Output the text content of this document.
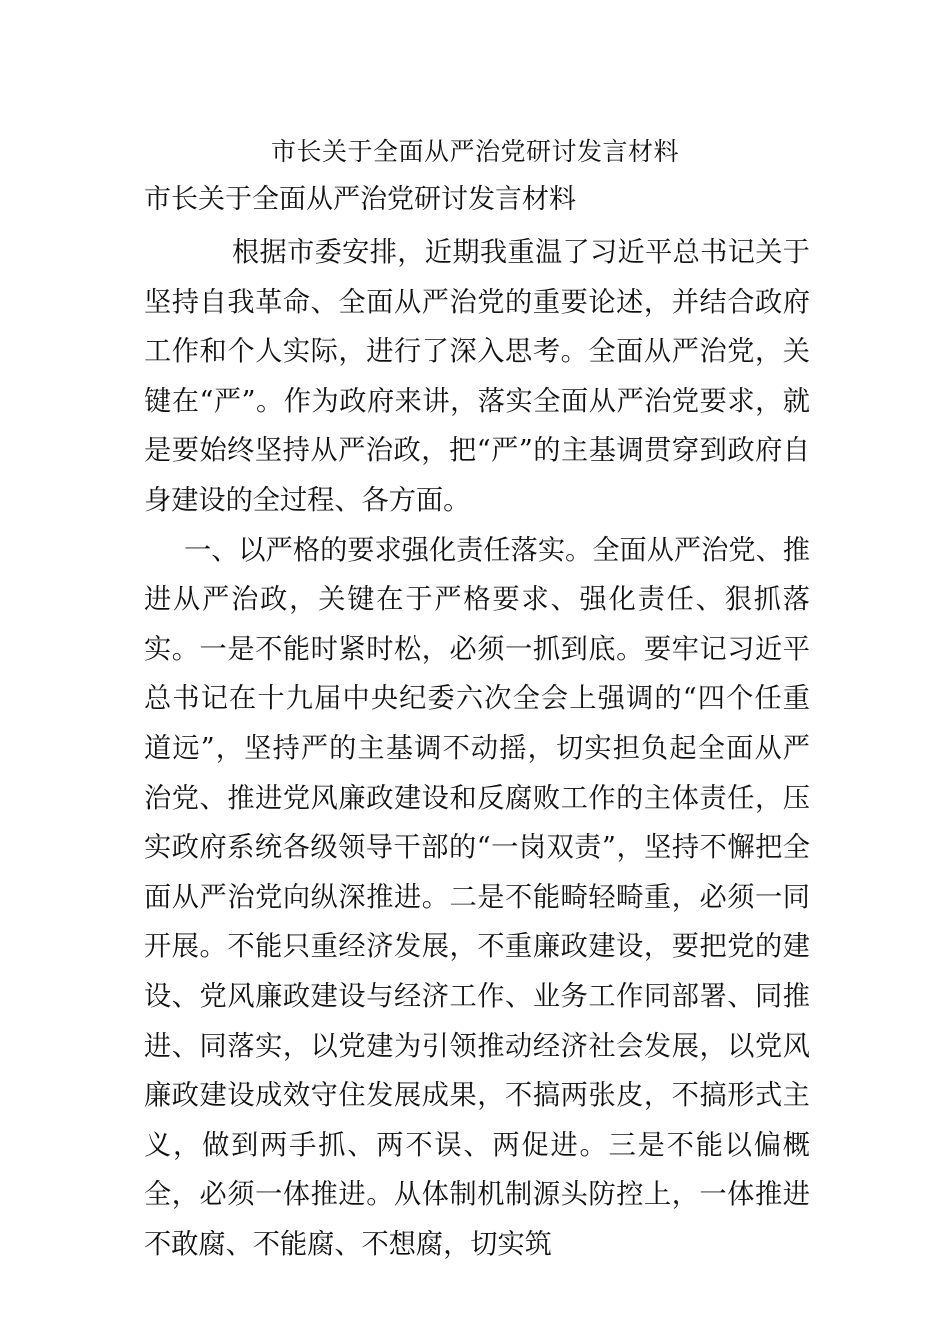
市长关于全面从严治党研讨发言材料
市长关于全面从严治党研讨发言材料

根据市委安排，近期我重温了习近平总书记关于坚持自我革命、全面从严治党的重要论述，并结合政府工作和个人实际，进行了深入思考。全面从严治党，关键在“严”。作为政府来讲，落实全面从严治党要求，就是要始终坚持从严治政，把“严”的主基调贯穿到政府自身建设的全过程、各方面。

一、以严格的要求强化责任落实。全面从严治党、推进从严治政，关键在于严格要求、强化责任、狠抓落实。一是不能时紧时松，必须一抓到底。要牢记习近平总书记在十九届中央纪委六次全会上强调的“四个任重道远”，坚持严的主基调不动摇，切实担负起全面从严治党、推进党风廉政建设和反腐败工作的主体责任，压实政府系统各级领导干部的“一岗双责”，坚持不懈把全面从严治党向纵深推进。二是不能畸轻畸重，必须一同开展。不能只重经济发展，不重廉政建设，要把党的建设、党风廉政建设与经济工作、业务工作同部署、同推进、同落实，以党建为引领推动经济社会发展，以党风廉政建设成效守住发展成果，不搞两张皮，不搞形式主义，做到两手抓、两不误、两促进。三是不能以偏概全，必须一体推进。从体制机制源头防控上，一体推进不敢腐、不能腐、不想腐，切实筑
